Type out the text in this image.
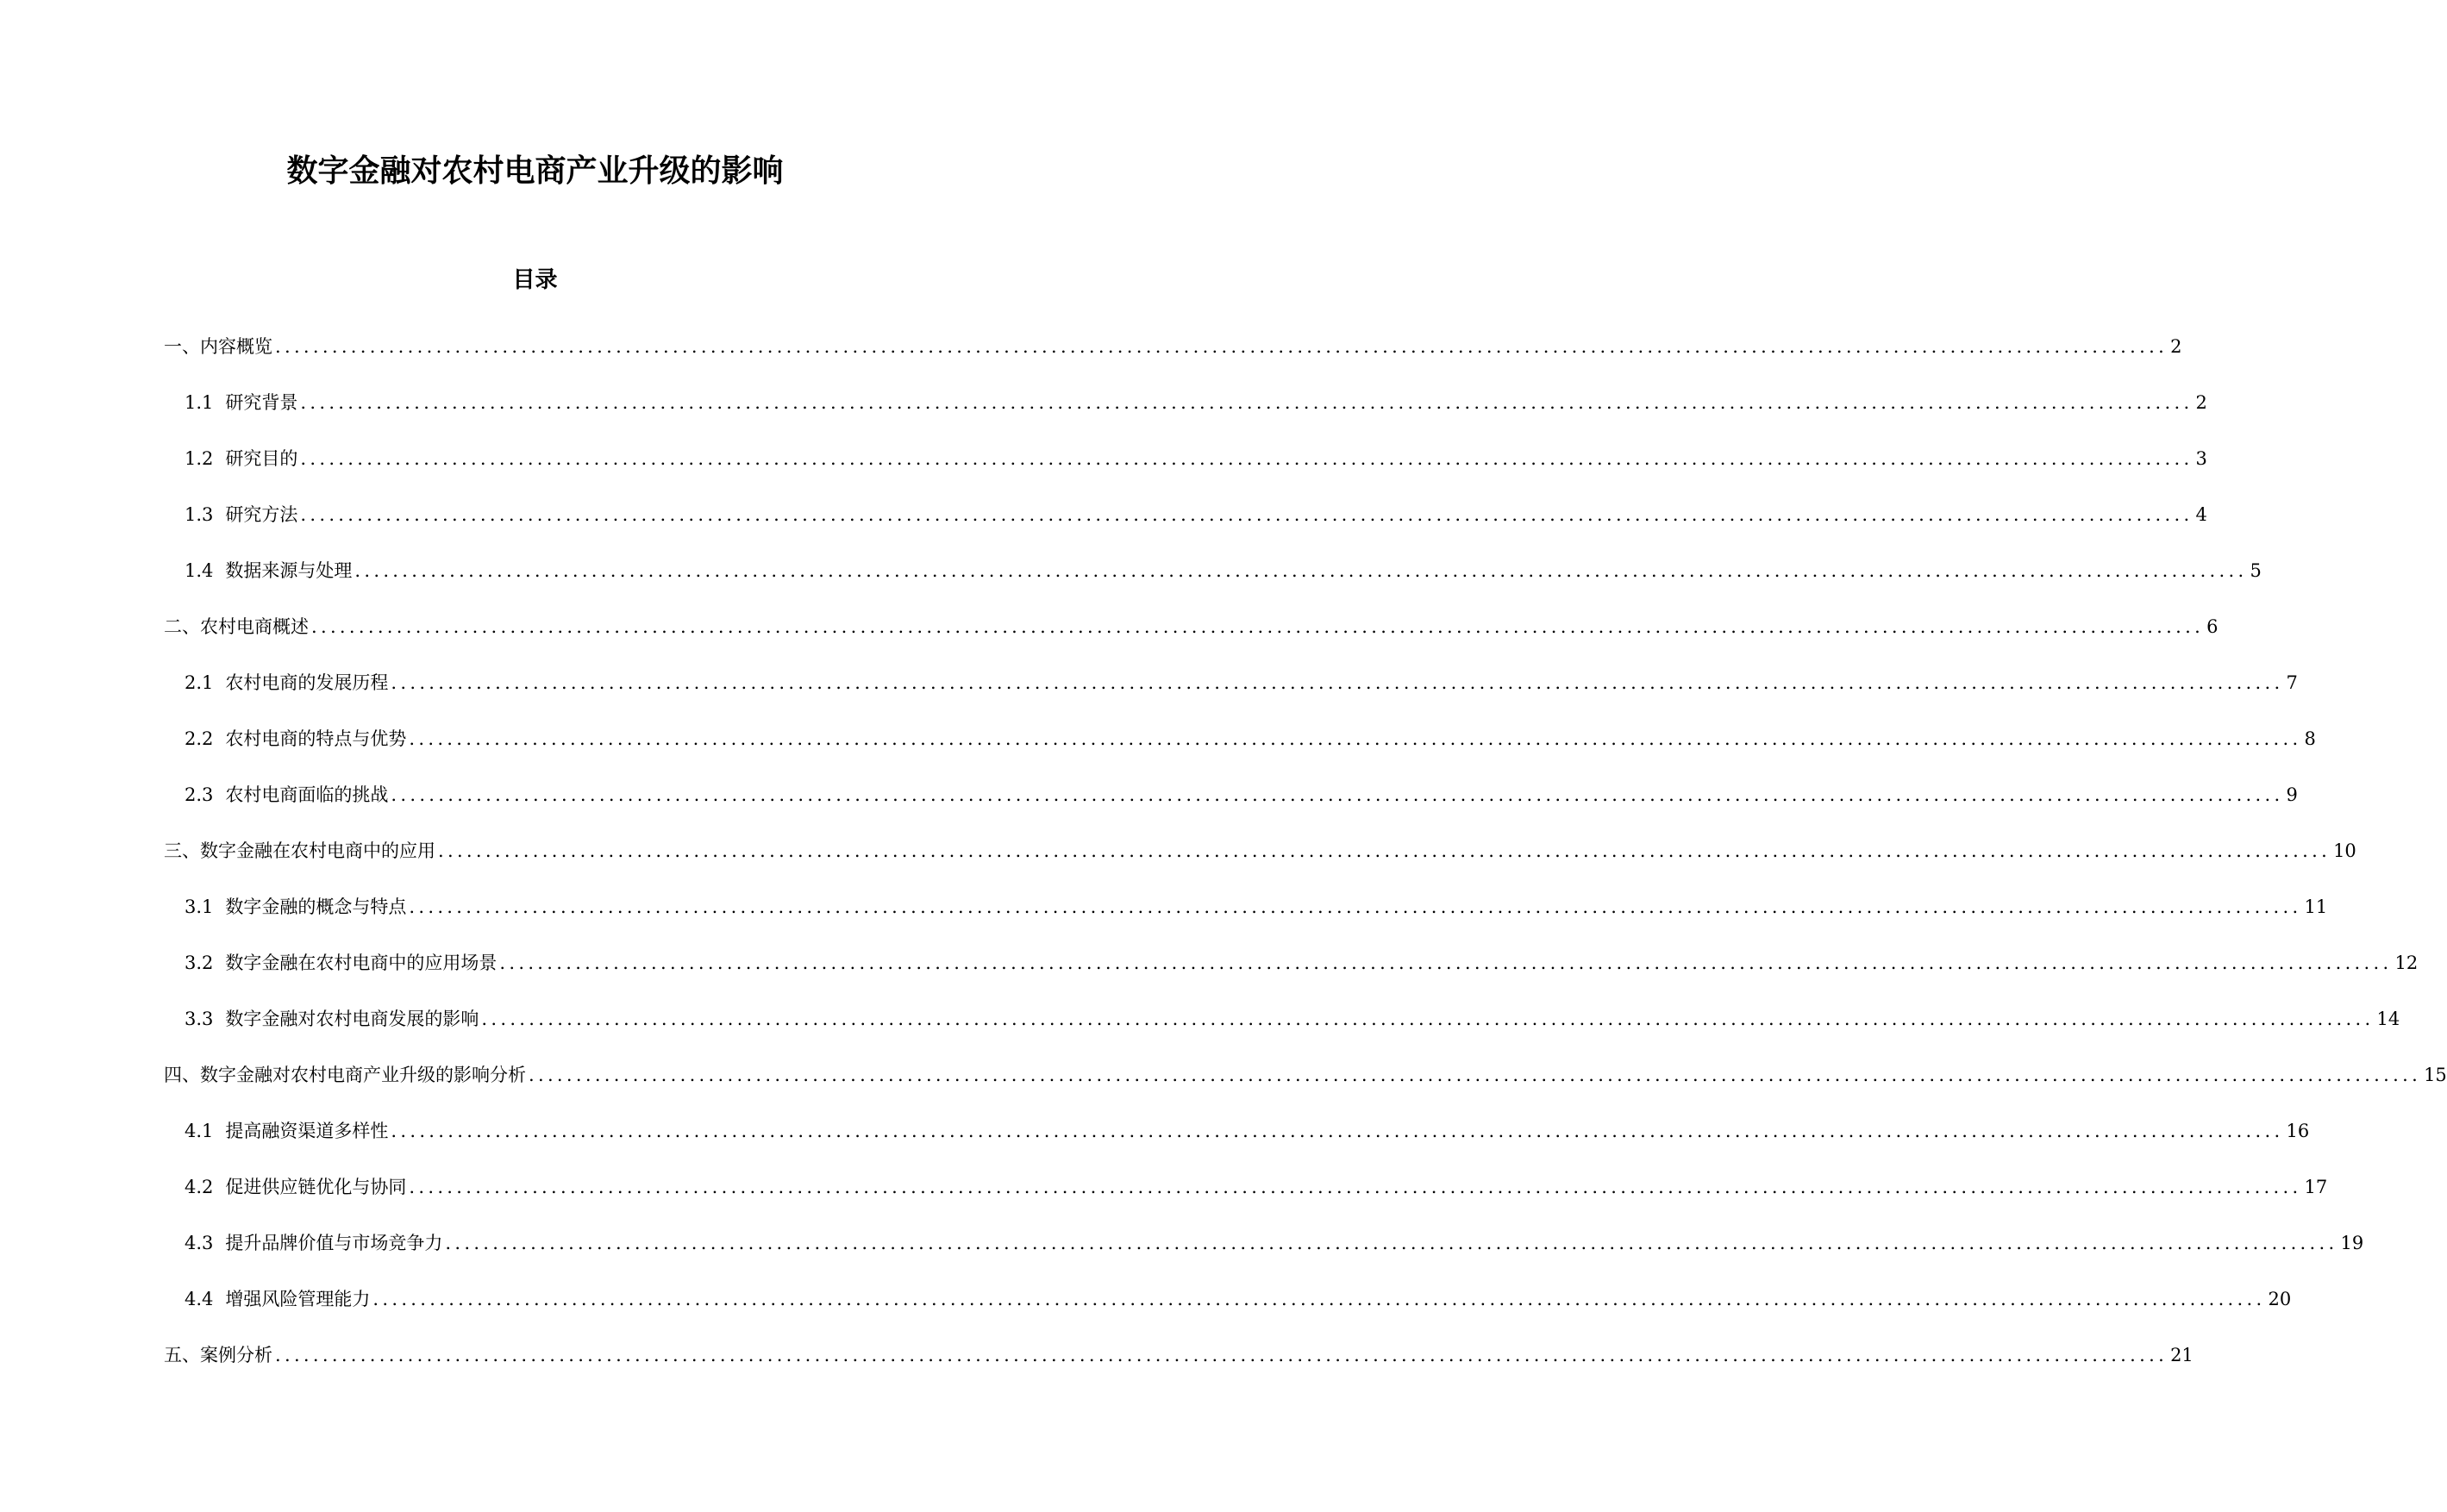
数字金融对农村电商产业升级的影响
目录
一、内容概览 ........................................................................................................................................................................................................ 2
1.1 研究背景 ........................................................................................................................................................................................................ 2
1.2 研究目的 ........................................................................................................................................................................................................ 3
1.3 研究方法 ........................................................................................................................................................................................................ 4
1.4 数据来源与处理 ........................................................................................................................................................................................................ 5
二、农村电商概述 ........................................................................................................................................................................................................ 6
2.1 农村电商的发展历程 ........................................................................................................................................................................................................ 7
2.2 农村电商的特点与优势 ........................................................................................................................................................................................................ 8
2.3 农村电商面临的挑战 ........................................................................................................................................................................................................ 9
三、数字金融在农村电商中的应用 ........................................................................................................................................................................................................ 10
3.1 数字金融的概念与特点 ........................................................................................................................................................................................................ 11
3.2 数字金融在农村电商中的应用场景 ........................................................................................................................................................................................................ 12
3.3 数字金融对农村电商发展的影响 ........................................................................................................................................................................................................ 14
四、数字金融对农村电商产业升级的影响分析 ........................................................................................................................................................................................................ 15
4.1 提高融资渠道多样性 ........................................................................................................................................................................................................ 16
4.2 促进供应链优化与协同 ........................................................................................................................................................................................................ 17
4.3 提升品牌价值与市场竞争力 ........................................................................................................................................................................................................ 19
4.4 增强风险管理能力 ........................................................................................................................................................................................................ 20
五、案例分析 ........................................................................................................................................................................................................ 21
